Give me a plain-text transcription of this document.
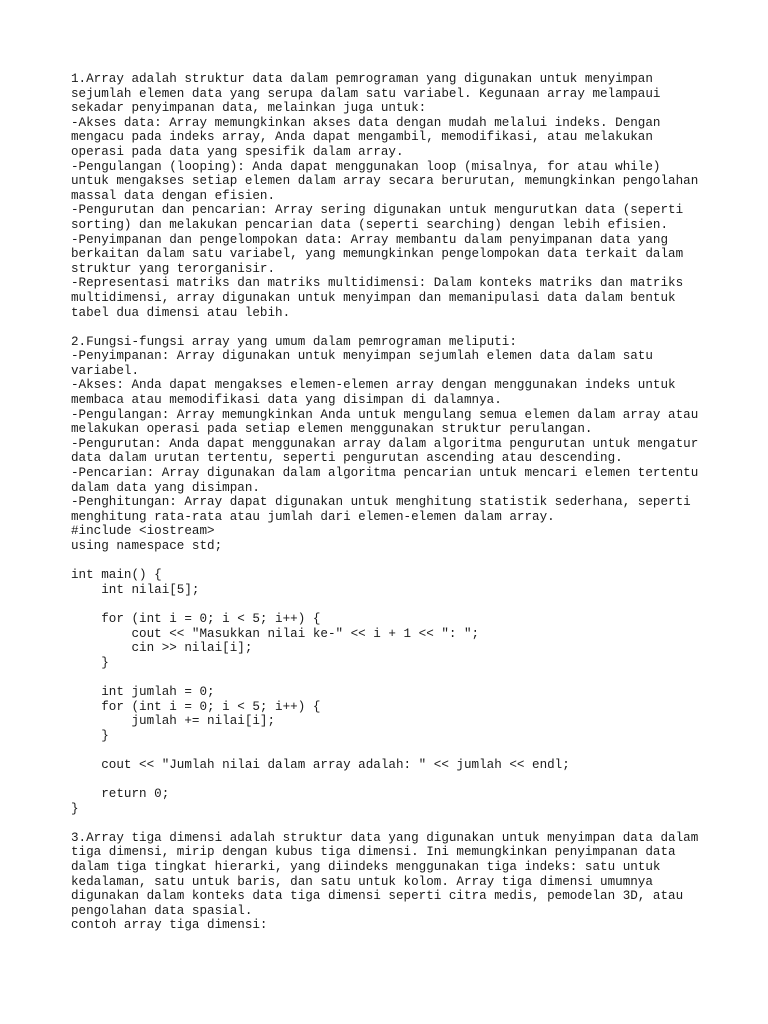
1.Array adalah struktur data dalam pemrograman yang digunakan untuk menyimpan
sejumlah elemen data yang serupa dalam satu variabel. Kegunaan array melampaui
sekadar penyimpanan data, melainkan juga untuk:
-Akses data: Array memungkinkan akses data dengan mudah melalui indeks. Dengan
mengacu pada indeks array, Anda dapat mengambil, memodifikasi, atau melakukan
operasi pada data yang spesifik dalam array.
-Pengulangan (looping): Anda dapat menggunakan loop (misalnya, for atau while)
untuk mengakses setiap elemen dalam array secara berurutan, memungkinkan pengolahan
massal data dengan efisien.
-Pengurutan dan pencarian: Array sering digunakan untuk mengurutkan data (seperti
sorting) dan melakukan pencarian data (seperti searching) dengan lebih efisien.
-Penyimpanan dan pengelompokan data: Array membantu dalam penyimpanan data yang
berkaitan dalam satu variabel, yang memungkinkan pengelompokan data terkait dalam
struktur yang terorganisir.
-Representasi matriks dan matriks multidimensi: Dalam konteks matriks dan matriks
multidimensi, array digunakan untuk menyimpan dan memanipulasi data dalam bentuk
tabel dua dimensi atau lebih.
2.Fungsi-fungsi array yang umum dalam pemrograman meliputi:
-Penyimpanan: Array digunakan untuk menyimpan sejumlah elemen data dalam satu
variabel.
-Akses: Anda dapat mengakses elemen-elemen array dengan menggunakan indeks untuk
membaca atau memodifikasi data yang disimpan di dalamnya.
-Pengulangan: Array memungkinkan Anda untuk mengulang semua elemen dalam array atau
melakukan operasi pada setiap elemen menggunakan struktur perulangan.
-Pengurutan: Anda dapat menggunakan array dalam algoritma pengurutan untuk mengatur
data dalam urutan tertentu, seperti pengurutan ascending atau descending.
-Pencarian: Array digunakan dalam algoritma pencarian untuk mencari elemen tertentu
dalam data yang disimpan.
-Penghitungan: Array dapat digunakan untuk menghitung statistik sederhana, seperti
menghitung rata-rata atau jumlah dari elemen-elemen dalam array.
#include <iostream>
using namespace std;
int main() {
int nilai[5];
for (int i = 0; i < 5; i++) {
cout << "Masukkan nilai ke-" << i + 1 << ": ";
cin >> nilai[i];
}
int jumlah = 0;
for (int i = 0; i < 5; i++) {
jumlah += nilai[i];
}
cout << "Jumlah nilai dalam array adalah: " << jumlah << endl;
return 0;
}
3.Array tiga dimensi adalah struktur data yang digunakan untuk menyimpan data dalam
tiga dimensi, mirip dengan kubus tiga dimensi. Ini memungkinkan penyimpanan data
dalam tiga tingkat hierarki, yang diindeks menggunakan tiga indeks: satu untuk
kedalaman, satu untuk baris, dan satu untuk kolom. Array tiga dimensi umumnya
digunakan dalam konteks data tiga dimensi seperti citra medis, pemodelan 3D, atau
pengolahan data spasial.
contoh array tiga dimensi:
